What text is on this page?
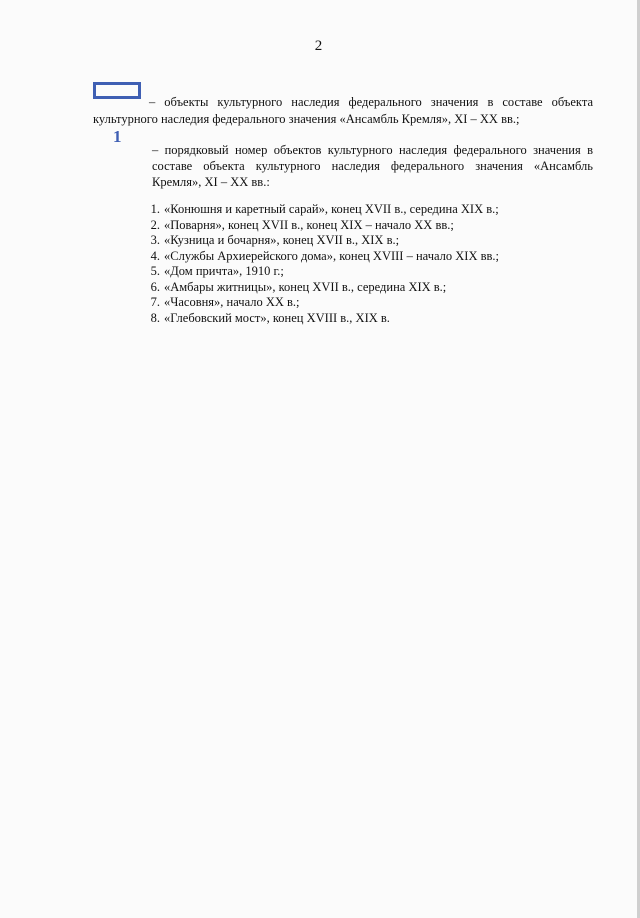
2
– объекты культурного наследия федерального значения в составе объекта культурного наследия федерального значения «Ансамбль Кремля», XI – XX вв.;
1
– порядковый номер объектов культурного наследия федерального значения в составе объекта культурного наследия федерального значения «Ансамбль Кремля», XI – XX вв.:
1. «Конюшня и каретный сарай», конец XVII в., середина XIX в.;
2. «Поварня», конец XVII в., конец XIX – начало XX вв.;
3. «Кузница и бочарня», конец XVII в., XIX в.;
4. «Службы Архиерейского дома», конец XVIII – начало XIX вв.;
5. «Дом причта», 1910 г.;
6. «Амбары житницы», конец XVII в., середина XIX в.;
7. «Часовня», начало XX в.;
8. «Глебовский мост», конец XVIII в., XIX в.
